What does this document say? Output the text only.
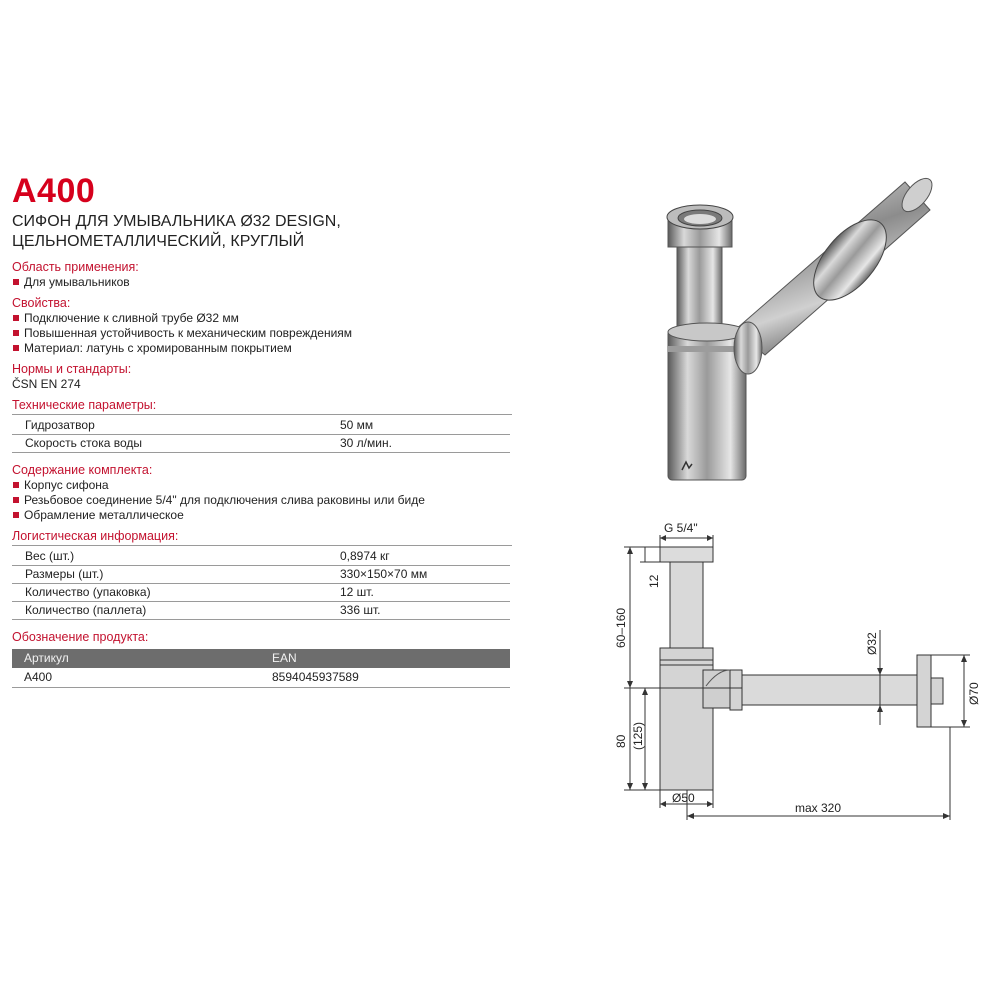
A400
СИФОН ДЛЯ УМЫВАЛЬНИКА Ø32 DESIGN,
ЦЕЛЬНОМЕТАЛЛИЧЕСКИЙ, КРУГЛЫЙ
Область применения:
Для умывальников
Свойства:
Подключение к сливной трубе Ø32 мм
Повышенная устойчивость к механическим повреждениям
Материал: латунь с хромированным покрытием
Нормы и стандарты:
ČSN EN 274
Технические параметры:
Гидрозатвор	50 мм
Скорость стока воды	30 л/мин.
Содержание комплекта:
Корпус сифона
Резьбовое соединение 5/4" для подключения слива раковины или биде
Обрамление металлическое
Логистическая информация:
Вес (шт.)	0,8974 кг
Размеры (шт.)	330×150×70 мм
Количество (упаковка)	12 шт.
Количество (паллета)	336 шт.
Обозначение продукта:
Артикул	EAN
A400	8594045937589
G 5/4"
12
60–160
80 (125)
Ø32
Ø70
Ø50
max 320
